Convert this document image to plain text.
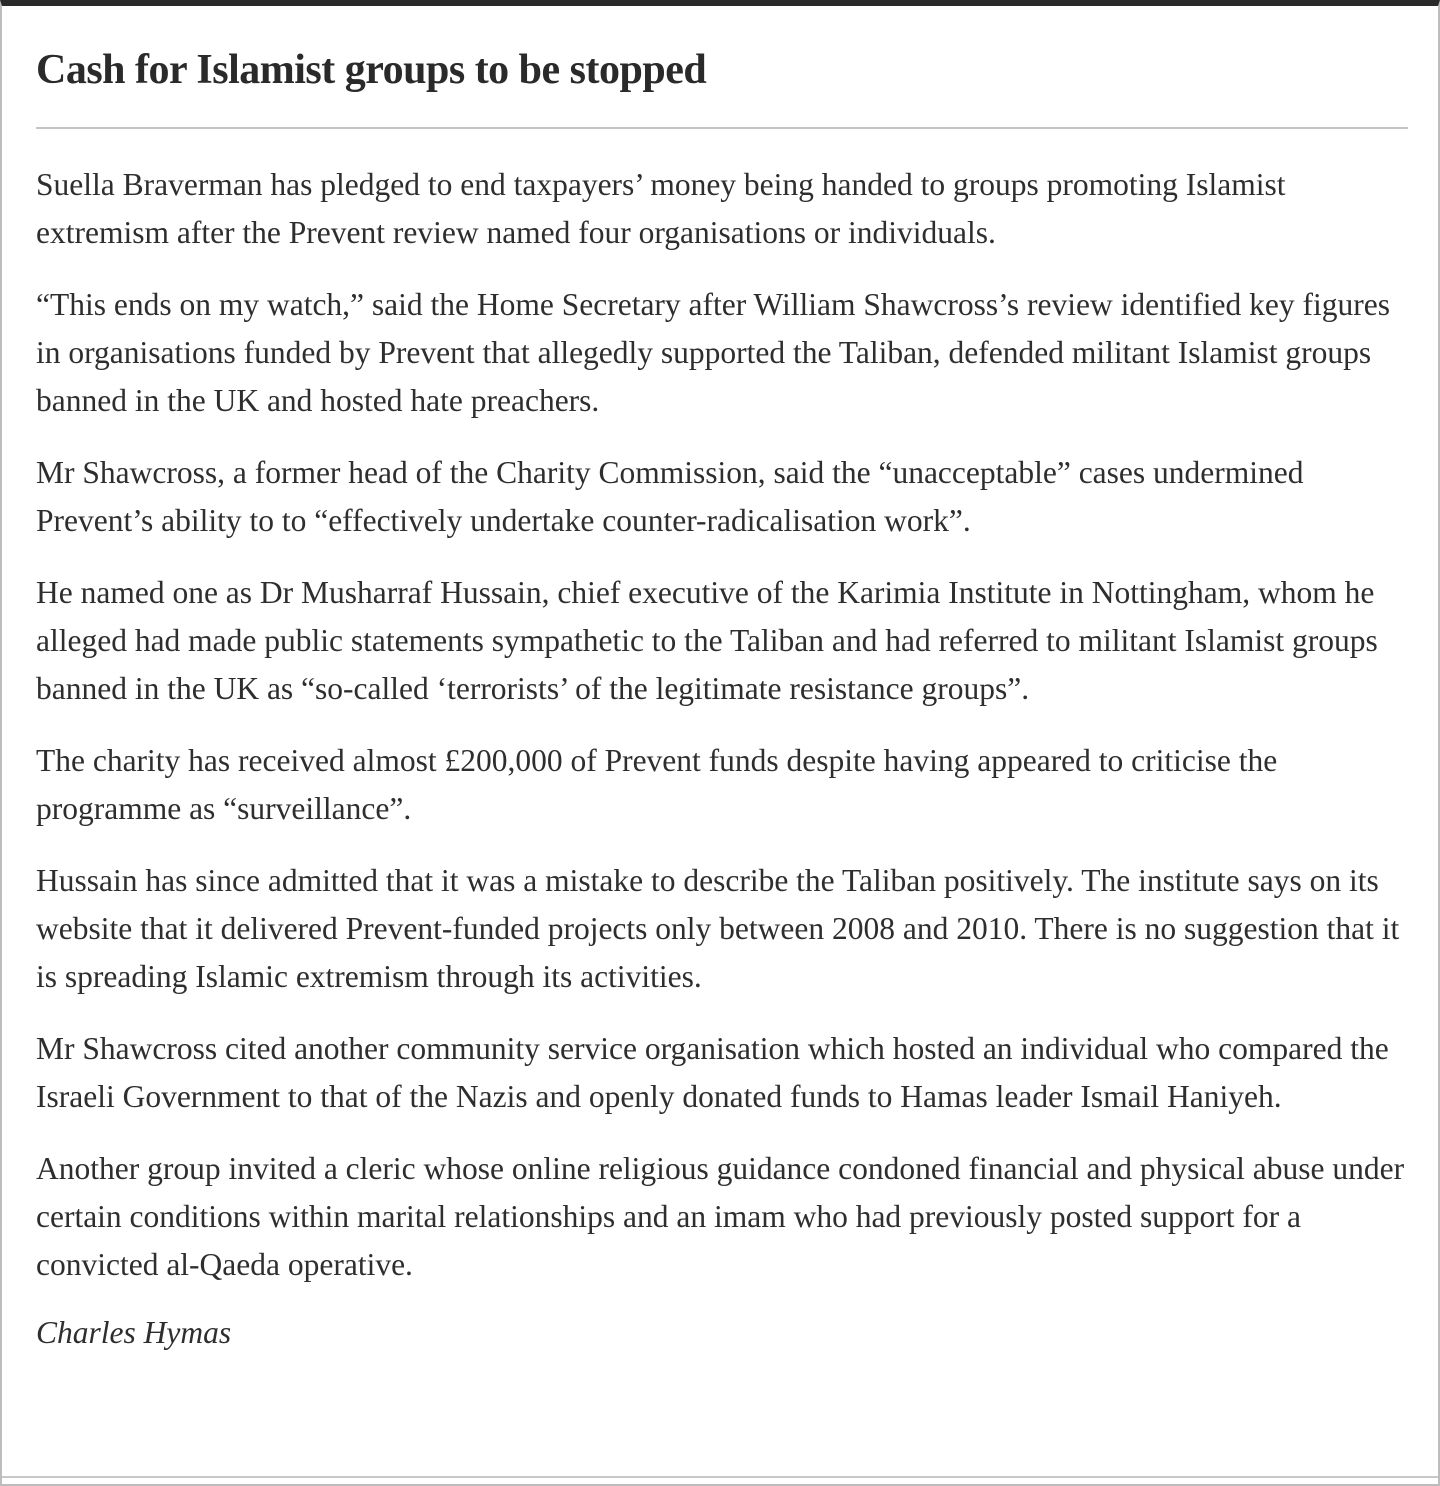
Cash for Islamist groups to be stopped

Suella Braverman has pledged to end taxpayers’ money being handed to groups promoting Islamist extremism after the Prevent review named four organisations or individuals.

“This ends on my watch,” said the Home Secretary after William Shawcross’s review identified key figures in organisations funded by Prevent that allegedly supported the Taliban, defended militant Islamist groups banned in the UK and hosted hate preachers.

Mr Shawcross, a former head of the Charity Commission, said the “unacceptable” cases undermined Prevent’s ability to to “effectively undertake counter-radicalisation work”.

He named one as Dr Musharraf Hussain, chief executive of the Karimia Institute in Nottingham, whom he alleged had made public statements sympathetic to the Taliban and had referred to militant Islamist groups banned in the UK as “so-called ‘terrorists’ of the legitimate resistance groups”.

The charity has received almost £200,000 of Prevent funds despite having appeared to criticise the programme as “surveillance”.

Hussain has since admitted that it was a mistake to describe the Taliban positively. The institute says on its website that it delivered Prevent-funded projects only between 2008 and 2010. There is no suggestion that it is spreading Islamic extremism through its activities.

Mr Shawcross cited another community service organisation which hosted an individual who compared the Israeli Government to that of the Nazis and openly donated funds to Hamas leader Ismail Haniyeh.

Another group invited a cleric whose online religious guidance condoned financial and physical abuse under certain conditions within marital relationships and an imam who had previously posted support for a convicted al-Qaeda operative.

Charles Hymas
